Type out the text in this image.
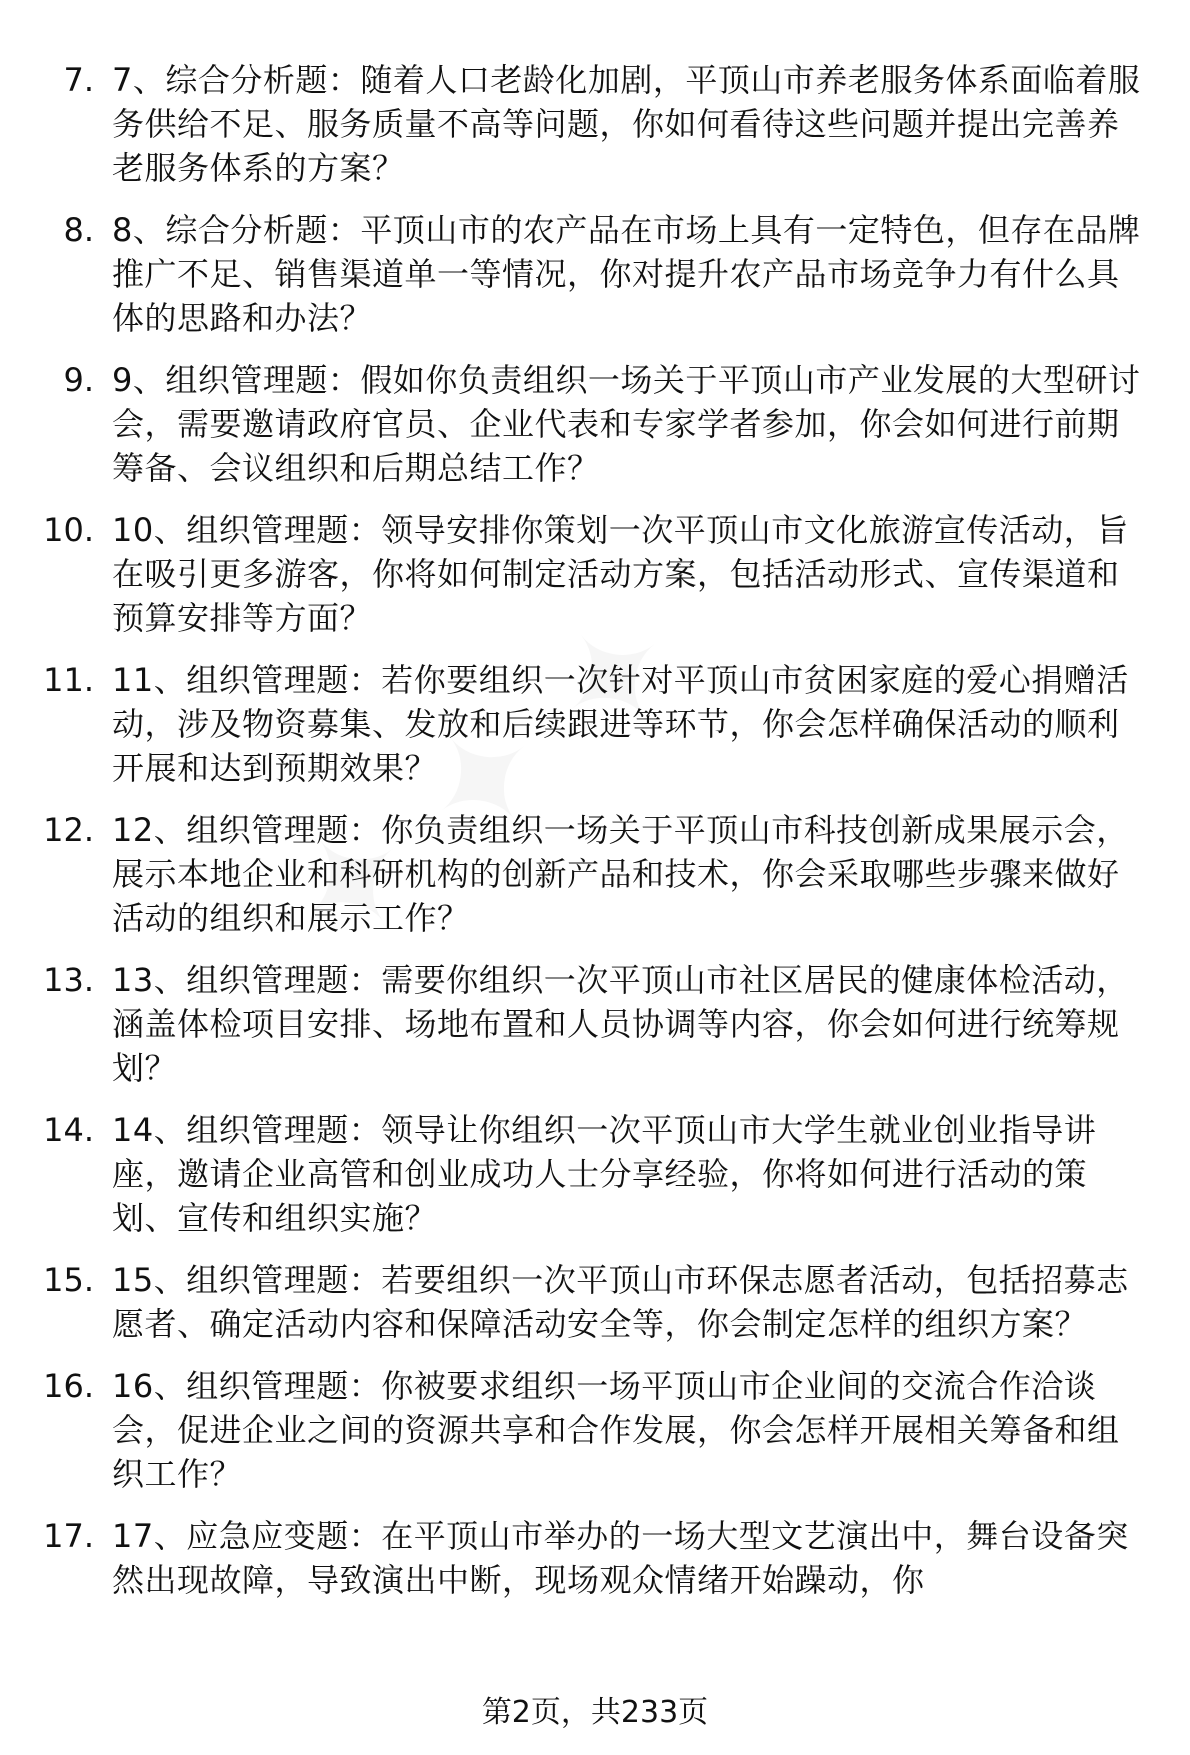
7. 7、综合分析题：随着人口老龄化加剧，平顶山市养老服务体系面临着服务供给不足、服务质量不高等问题，你如何看待这些问题并提出完善养老服务体系的方案？
8. 8、综合分析题：平顶山市的农产品在市场上具有一定特色，但存在品牌推广不足、销售渠道单一等情况，你对提升农产品市场竞争力有什么具体的思路和办法？
9. 9、组织管理题：假如你负责组织一场关于平顶山市产业发展的大型研讨会，需要邀请政府官员、企业代表和专家学者参加，你会如何进行前期筹备、会议组织和后期总结工作？
10. 10、组织管理题：领导安排你策划一次平顶山市文化旅游宣传活动，旨在吸引更多游客，你将如何制定活动方案，包括活动形式、宣传渠道和预算安排等方面？
11. 11、组织管理题：若你要组织一次针对平顶山市贫困家庭的爱心捐赠活动，涉及物资募集、发放和后续跟进等环节，你会怎样确保活动的顺利开展和达到预期效果？
12. 12、组织管理题：你负责组织一场关于平顶山市科技创新成果展示会，展示本地企业和科研机构的创新产品和技术，你会采取哪些步骤来做好活动的组织和展示工作？
13. 13、组织管理题：需要你组织一次平顶山市社区居民的健康体检活动，涵盖体检项目安排、场地布置和人员协调等内容，你会如何进行统筹规划？
14. 14、组织管理题：领导让你组织一次平顶山市大学生就业创业指导讲座，邀请企业高管和创业成功人士分享经验，你将如何进行活动的策划、宣传和组织实施？
15. 15、组织管理题：若要组织一次平顶山市环保志愿者活动，包括招募志愿者、确定活动内容和保障活动安全等，你会制定怎样的组织方案？
16. 16、组织管理题：你被要求组织一场平顶山市企业间的交流合作洽谈会，促进企业之间的资源共享和合作发展，你会怎样开展相关筹备和组织工作？
17. 17、应急应变题：在平顶山市举办的一场大型文艺演出中，舞台设备突然出现故障，导致演出中断，现场观众情绪开始躁动，你
第2页，共233页
